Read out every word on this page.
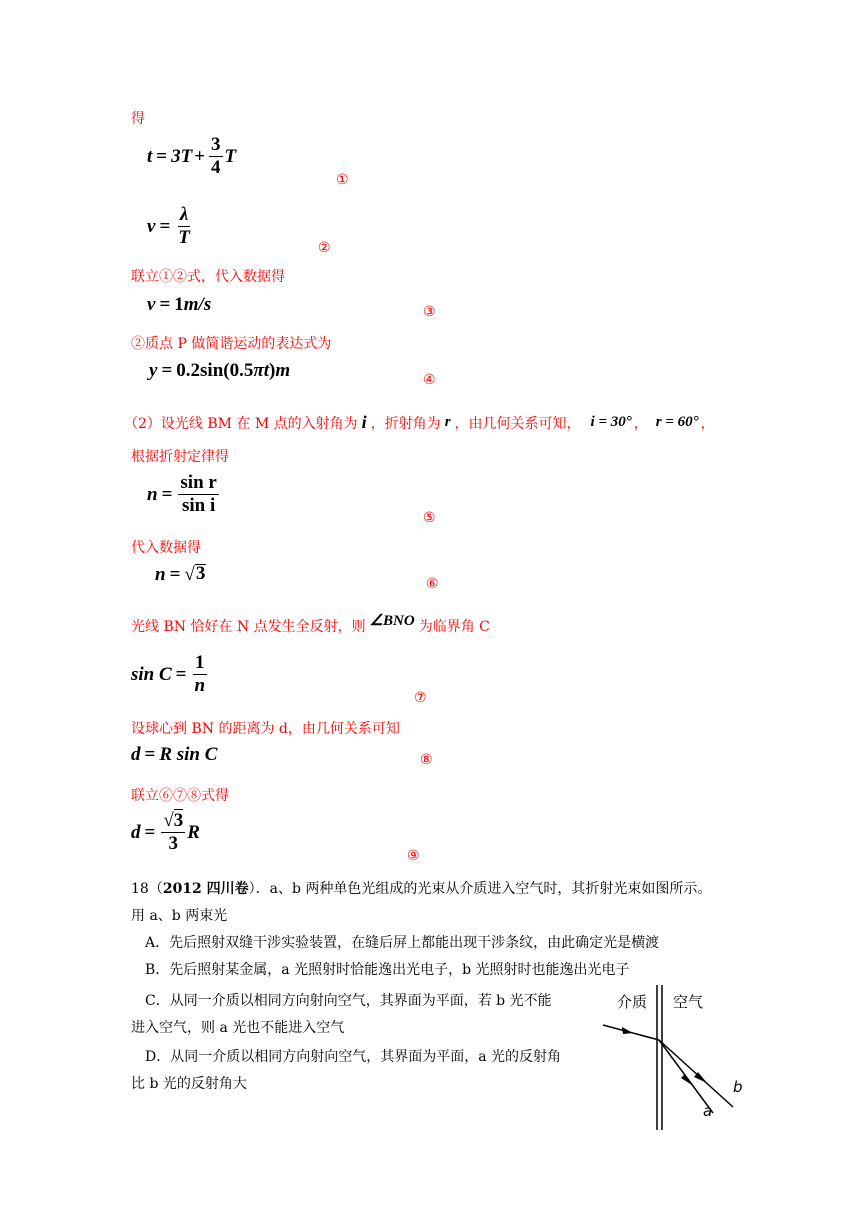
得
$t = 3T + \frac{3}{4}$ T
①
$v = \frac{\lambda}{T}$	②
联立①②式，代入数据得
v = 1 m/s	③
②质点 P 做简谐运动的表达式为
y = 0.2sin(0.5 πt ) m	④
（2）设光线 BM 在 M 点的入射角为 i ，折射角为 r ，由几何关系可知， i = 30° ， r = 60° ，
根据折射定律得
$n = \frac{\text{sin r}}{\text{sin i}}$
⑤
代入数据得
n = √ 3	⑥
光线 BN 恰好在 N 点发生全反射，则 ∠BNO 为临界角 C
$\sin C = \frac{1}{n}$
⑦
设球心到 BN 的距离为 d，由几何关系可知
d = R sin C	⑧
联立⑥⑦⑧式得
$d = \frac{√3}{3}$ R
⑨
18（2012 四川卷）．a、b 两种单色光组成的光束从介质进入空气时，其折射光束如图所示。
用 a、b 两束光
A．先后照射双缝干涉实验装置，在缝后屏上都能出现干涉条纹，由此确定光是横渡
B．先后照射某金属，a 光照射时恰能逸出光电子，b 光照射时也能逸出光电子
C．从同一介质以相同方向射向空气，其界面为平面，若 b 光不能
进入空气，则 a 光也不能进入空气
D．从同一介质以相同方向射向空气，其界面为平面，a 光的反射角
比 b 光的反射角大
介质 空气
b
a
